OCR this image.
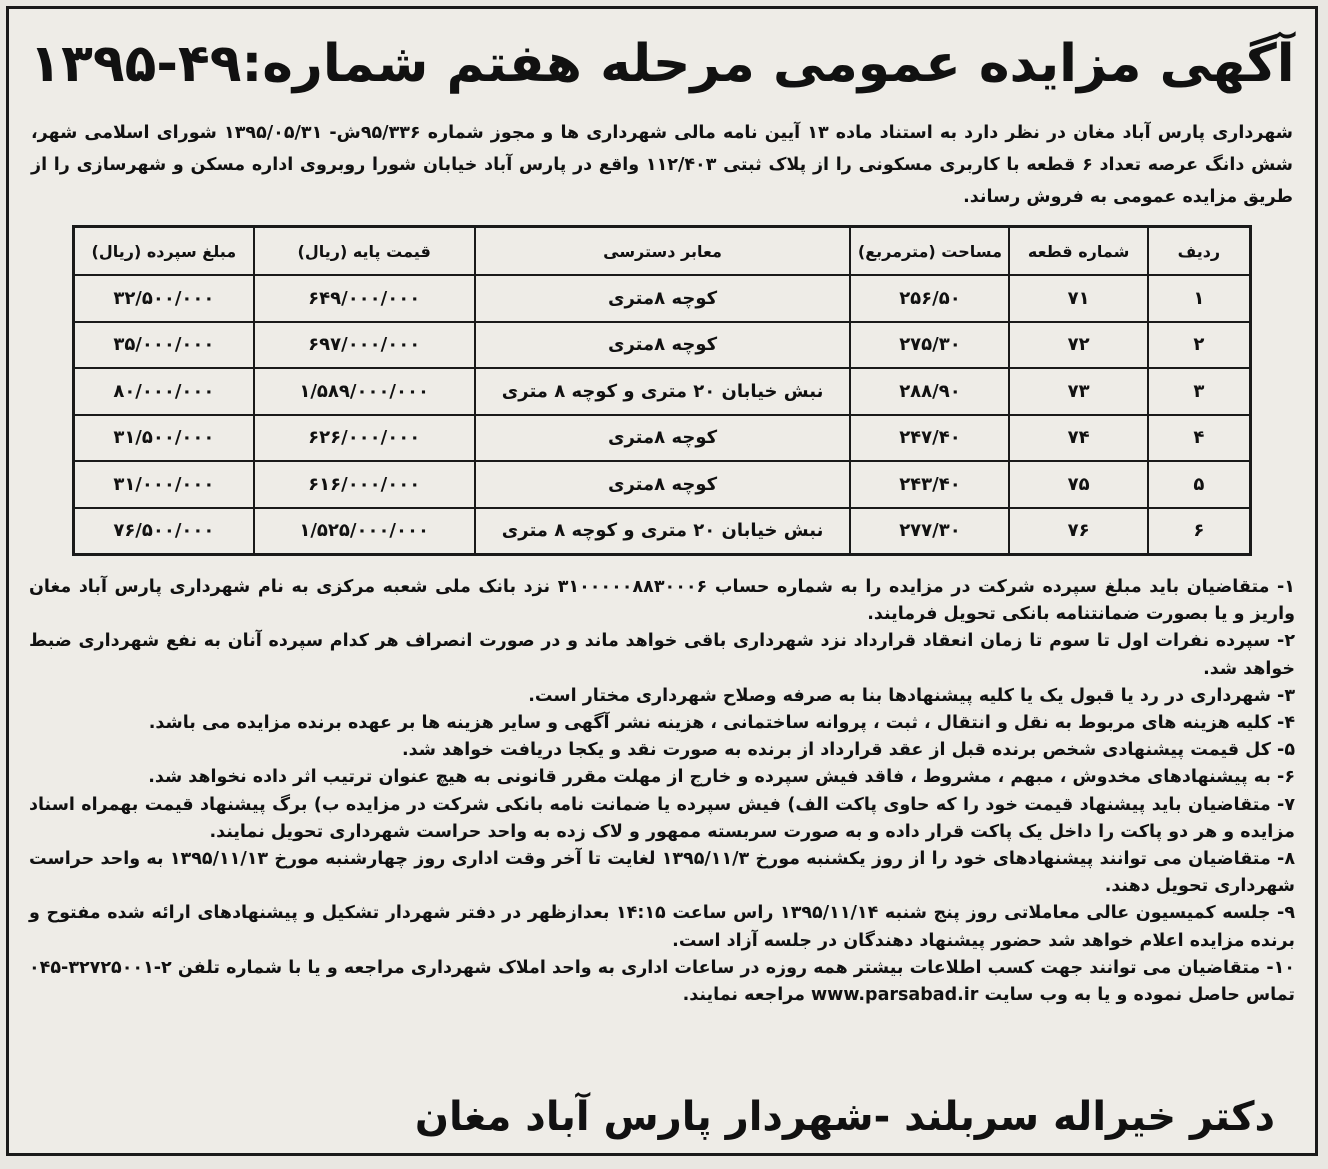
آگهی مزایده عمومی مرحله هفتم شماره:۴۹-۱۳۹۵
شهرداری پارس آباد مغان در نظر دارد به استناد ماده ۱۳ آیین نامه مالی شهرداری ها و مجوز شماره ۹۵/۳۳۶ش- ۱۳۹۵/۰۵/۳۱ شورای اسلامی شهر، شش دانگ عرصه تعداد ۶ قطعه با کاربری مسکونی را از پلاک ثبتی ۱۱۲/۴۰۳ واقع در پارس آباد خیابان شورا روبروی اداره مسکن و شهرسازی را از طریق مزایده عمومی به فروش رساند.
ردیف	شماره قطعه	مساحت (مترمربع)	معابر دسترسی	قیمت پایه (ریال)	مبلغ سپرده (ریال)
۱	۷۱	۲۵۶/۵۰	کوچه ۸متری	۶۴۹/۰۰۰/۰۰۰	۳۲/۵۰۰/۰۰۰
۲	۷۲	۲۷۵/۳۰	کوچه ۸متری	۶۹۷/۰۰۰/۰۰۰	۳۵/۰۰۰/۰۰۰
۳	۷۳	۲۸۸/۹۰	نبش خیابان ۲۰ متری و کوچه ۸ متری	۱/۵۸۹/۰۰۰/۰۰۰	۸۰/۰۰۰/۰۰۰
۴	۷۴	۲۴۷/۴۰	کوچه ۸متری	۶۲۶/۰۰۰/۰۰۰	۳۱/۵۰۰/۰۰۰
۵	۷۵	۲۴۳/۴۰	کوچه ۸متری	۶۱۶/۰۰۰/۰۰۰	۳۱/۰۰۰/۰۰۰
۶	۷۶	۲۷۷/۳۰	نبش خیابان ۲۰ متری و کوچه ۸ متری	۱/۵۲۵/۰۰۰/۰۰۰	۷۶/۵۰۰/۰۰۰

۱- متقاضیان باید مبلغ سپرده شرکت در مزایده را به شماره حساب ۳۱۰۰۰۰۰۸۸۳۰۰۰۶ نزد بانک ملی شعبه مرکزی به نام شهرداری پارس آباد مغان واریز و یا بصورت ضمانتنامه بانکی تحویل فرمایند.

۲- سپرده نفرات اول تا سوم تا زمان انعقاد قرارداد نزد شهرداری باقی خواهد ماند و در صورت انصراف هر کدام سپرده آنان به نفع شهرداری ضبط خواهد شد.

۳- شهرداری در رد یا قبول یک یا کلیه پیشنهادها بنا به صرفه وصلاح شهرداری مختار است.

۴- کلیه هزینه های مربوط به نقل و انتقال ، ثبت ، پروانه ساختمانی ، هزینه نشر آگهی و سایر هزینه ها بر عهده برنده مزایده می باشد.

۵- کل قیمت پیشنهادی شخص برنده قبل از عقد قرارداد از برنده به صورت نقد و یکجا دریافت خواهد شد.

۶- به پیشنهادهای مخدوش ، مبهم ، مشروط ، فاقد فیش سپرده و خارج از مهلت مقرر قانونی به هیچ عنوان ترتیب اثر داده نخواهد شد.

۷- متقاضیان باید پیشنهاد قیمت خود را که حاوی پاکت الف) فیش سپرده یا ضمانت نامه بانکی شرکت در مزایده ب) برگ پیشنهاد قیمت بهمراه اسناد مزایده و هر دو پاکت را داخل یک پاکت قرار داده و به صورت سربسته ممهور و لاک زده به واحد حراست شهرداری تحویل نمایند.

۸- متقاضیان می توانند پیشنهادهای خود را از روز یکشنبه مورخ ۱۳۹۵/۱۱/۳ لغایت تا آخر وقت اداری روز چهارشنبه مورخ ۱۳۹۵/۱۱/۱۳ به واحد حراست شهرداری تحویل دهند.

۹- جلسه کمیسیون عالی معاملاتی روز پنج شنبه ۱۳۹۵/۱۱/۱۴ راس ساعت ۱۴:۱۵ بعدازظهر در دفتر شهردار تشکیل و پیشنهادهای ارائه شده مفتوح و برنده مزایده اعلام خواهد شد حضور پیشنهاد دهندگان در جلسه آزاد است.

۱۰- متقاضیان می توانند جهت کسب اطلاعات بیشتر همه روزه در ساعات اداری به واحد املاک شهرداری مراجعه و یا با شماره تلفن ۲-۳۲۷۲۵۰۰۱-۰۴۵ تماس حاصل نموده و یا به وب سایت www.parsabad.ir مراجعه نمایند.

دکتر خیراله سربلند -شهردار پارس آباد مغان
